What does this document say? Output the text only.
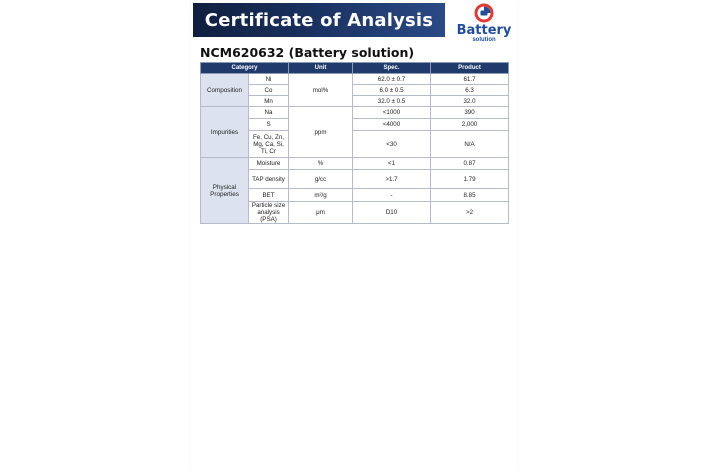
Certificate of Analysis Battery
solution
NCM620632 (Battery solution)
Category		Unit	Spec.	Product
Composition	Ni	mol%	62.0 ± 0.7	61.7
	Co		6.0 ± 0.5	6.3
	Mn		32.0 ± 0.5	32.0
Impurities	Na	ppm	<1000	390
	S		<4000	2,000
	Fe, Cu, Zn, Mg, Ca, Si, Ti, Cr		<30	N/A
Physical Properties	Moisture	%	<1	0.87
	TAP density	g/cc	>1.7	1.79
	BET	m²/g	-	8.85
	Particle size analysis (PSA)	μm	D10	>2
